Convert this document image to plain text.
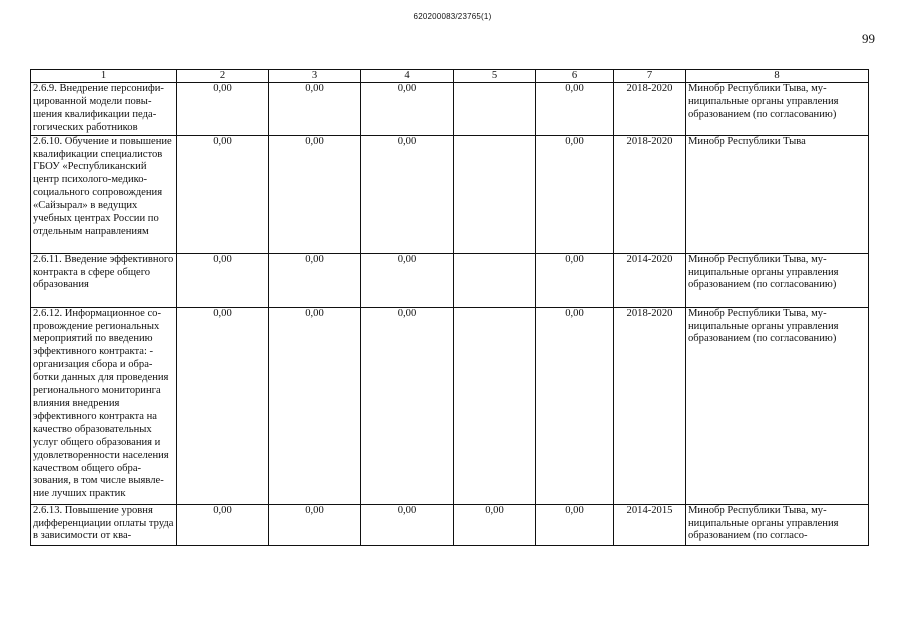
620200083/23765(1)
99
1	2	3	4	5	6	7	8
2.6.9. Внедрение персонифицированной модели повышения квалификации педагогических работников	0,00	0,00	0,00		0,00	2018-2020	Минобр Республики Тыва, муниципальные органы управления образованием (по согласованию)
2.6.10. Обучение и повышение квалификации специалистов ГБОУ «Республиканский центр психолого-медико-социального сопровождения «Сайзырал» в ведущих учебных центрах России по отдельным направлениям	0,00	0,00	0,00		0,00	2018-2020	Минобр Республики Тыва
2.6.11. Введение эффективного контракта в сфере общего образования	0,00	0,00	0,00		0,00	2014-2020	Минобр Республики Тыва, муниципальные органы управления образованием (по согласованию)
2.6.12. Информационное сопровождение региональных мероприятий по введению эффективного контракта: - организация сбора и обработки данных для проведения регионального мониторинга влияния внедрения эффективного контракта на качество образовательных услуг общего образования и удовлетворенности населения качеством общего образования, в том числе выявление лучших практик	0,00	0,00	0,00		0,00	2018-2020	Минобр Республики Тыва, муниципальные органы управления образованием (по согласованию)
2.6.13. Повышение уровня дифференциации оплаты труда в зависимости от ква-	0,00	0,00	0,00	0,00	0,00	2014-2015	Минобр Республики Тыва, муниципальные органы управления образованием (по согласо-
